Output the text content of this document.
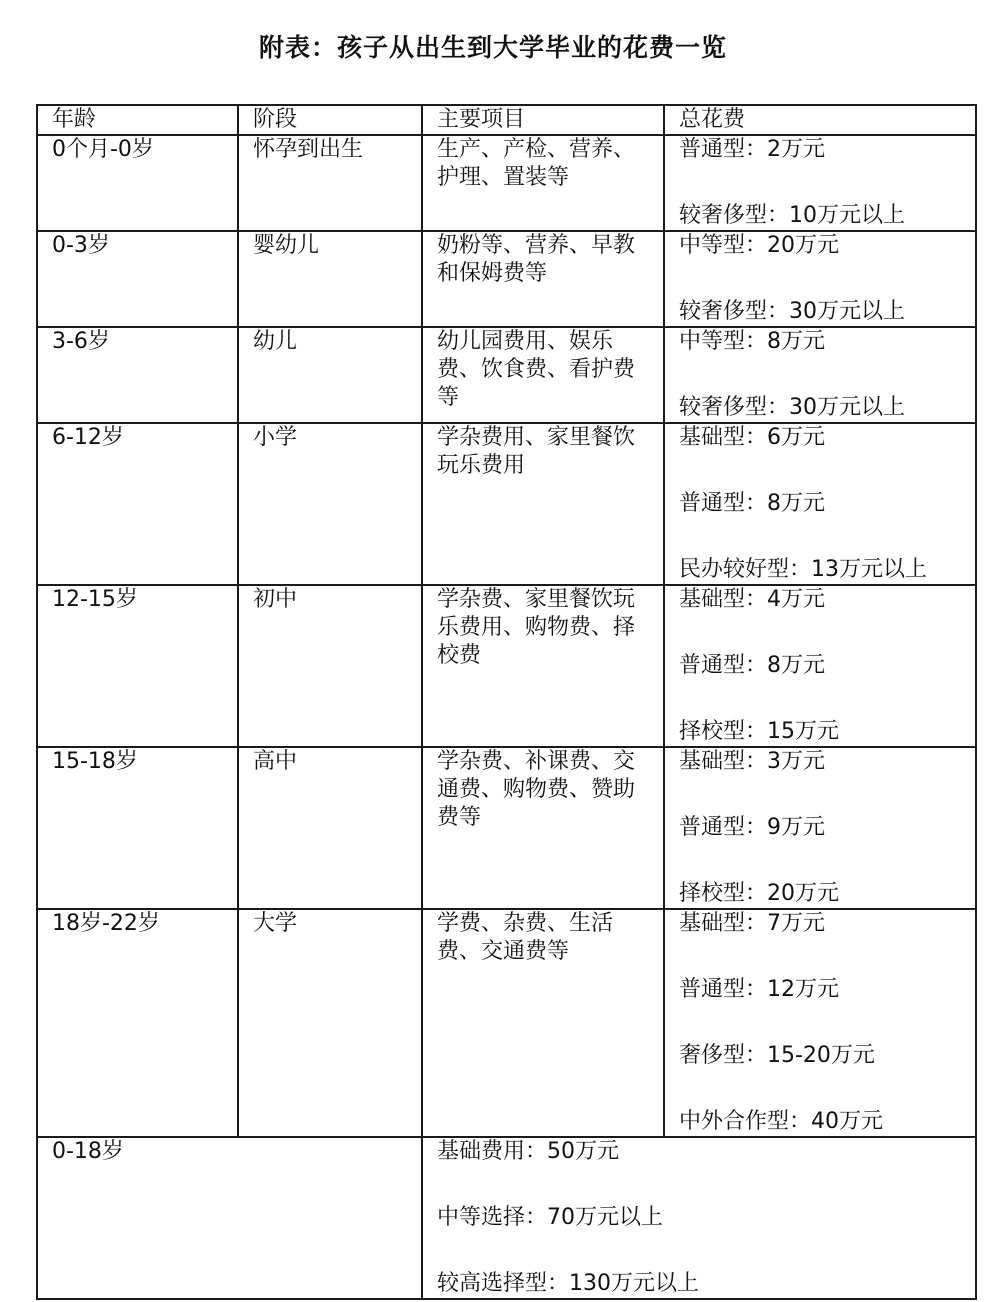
附表：孩子从出生到大学毕业的花费一览
年龄	阶段	主要项目	总花费
0个月-0岁	怀孕到出生	生产、产检、营养、护理、置装等	普通型：2万元
较奢侈型：10万元以上

0-3岁	婴幼儿	奶粉等、营养、早教和保姆费等	中等型：20万元
较奢侈型：30万元以上

3-6岁	幼儿	幼儿园费用、娱乐费、饮食费、看护费等	中等型：8万元
较奢侈型：30万元以上

6-12岁	小学	学杂费用、家里餐饮玩乐费用	基础型：6万元
普通型：8万元
民办较好型：13万元以上

12-15岁	初中	学杂费、家里餐饮玩乐费用、购物费、择校费	基础型：4万元
普通型：8万元
择校型：15万元

15-18岁	高中	学杂费、补课费、交通费、购物费、赞助费等	基础型：3万元
普通型：9万元
择校型：20万元

18岁-22岁	大学	学费、杂费、生活费、交通费等	基础型：7万元
普通型：12万元
奢侈型：15-20万元
中外合作型：40万元

0-18岁		基础费用：50万元
中等选择：70万元以上
较高选择型：130万元以上	
